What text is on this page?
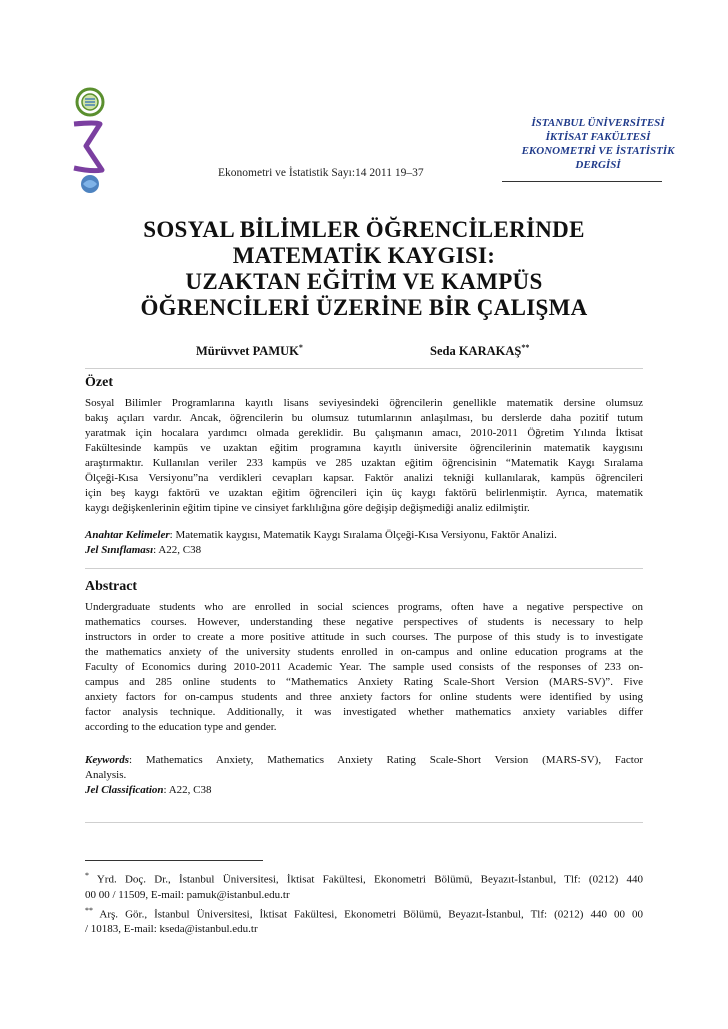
Ekonometri ve İstatistik Sayı:14 2011 19–37
İSTANBUL ÜNİVERSİTESİ
İKTİSAT FAKÜLTESİ
EKONOMETRİ VE İSTATİSTİK
DERGİSİ
SOSYAL BİLİMLER ÖĞRENCİLERİNDE
MATEMATİK KAYGISI:
UZAKTAN EĞİTİM VE KAMPÜS
ÖĞRENCİLERİ ÜZERİNE BİR ÇALIŞMA
Mürüvvet PAMUK*	Seda KARAKAŞ**
Özet
Sosyal Bilimler Programlarına kayıtlı lisans seviyesindeki öğrencilerin genellikle matematik dersine olumsuz
bakış açıları vardır. Ancak, öğrencilerin bu olumsuz tutumlarının anlaşılması, bu derslerde daha pozitif tutum
yaratmak için hocalara yardımcı olmada gereklidir. Bu çalışmanın amacı, 2010-2011 Öğretim Yılında İktisat
Fakültesinde kampüs ve uzaktan eğitim programına kayıtlı üniversite öğrencilerinin matematik kaygısını
araştırmaktır. Kullanılan veriler 233 kampüs ve 285 uzaktan eğitim öğrencisinin “Matematik Kaygı Sıralama
Ölçeği-Kısa Versiyonu”na verdikleri cevapları kapsar. Faktör analizi tekniği kullanılarak, kampüs öğrencileri
için beş kaygı faktörü ve uzaktan eğitim öğrencileri için üç kaygı faktörü belirlenmiştir. Ayrıca, matematik
kaygı değişkenlerinin eğitim tipine ve cinsiyet farklılığına göre değişip değişmediği analiz edilmiştir.
Anahtar Kelimeler: Matematik kaygısı, Matematik Kaygı Sıralama Ölçeği-Kısa Versiyonu, Faktör Analizi.
Jel Sınıflaması: A22, C38
Abstract
Undergraduate students who are enrolled in social sciences programs, often have a negative perspective on
mathematics courses. However, understanding these negative perspectives of students is necessary to help
instructors in order to create a more positive attitude in such courses. The purpose of this study is to investigate
the mathematics anxiety of the university students enrolled in on-campus and online education programs at the
Faculty of Economics during 2010-2011 Academic Year. The sample used consists of the responses of 233 on-
campus and 285 online students to “Mathematics Anxiety Rating Scale-Short Version (MARS-SV)”. Five
anxiety factors for on-campus students and three anxiety factors for online students were identified by using
factor analysis technique. Additionally, it was investigated whether mathematics anxiety variables differ
according to the education type and gender.
Keywords: Mathematics Anxiety, Mathematics Anxiety Rating Scale-Short Version (MARS-SV), Factor
Analysis.
Jel Classification: A22, C38
* Yrd. Doç. Dr., İstanbul Üniversitesi, İktisat Fakültesi, Ekonometri Bölümü, Beyazıt-İstanbul, Tlf: (0212) 440
00 00 / 11509, E-mail: pamuk@istanbul.edu.tr
** Arş. Gör., İstanbul Üniversitesi, İktisat Fakültesi, Ekonometri Bölümü, Beyazıt-İstanbul, Tlf: (0212) 440 00 00
/ 10183, E-mail: kseda@istanbul.edu.tr
